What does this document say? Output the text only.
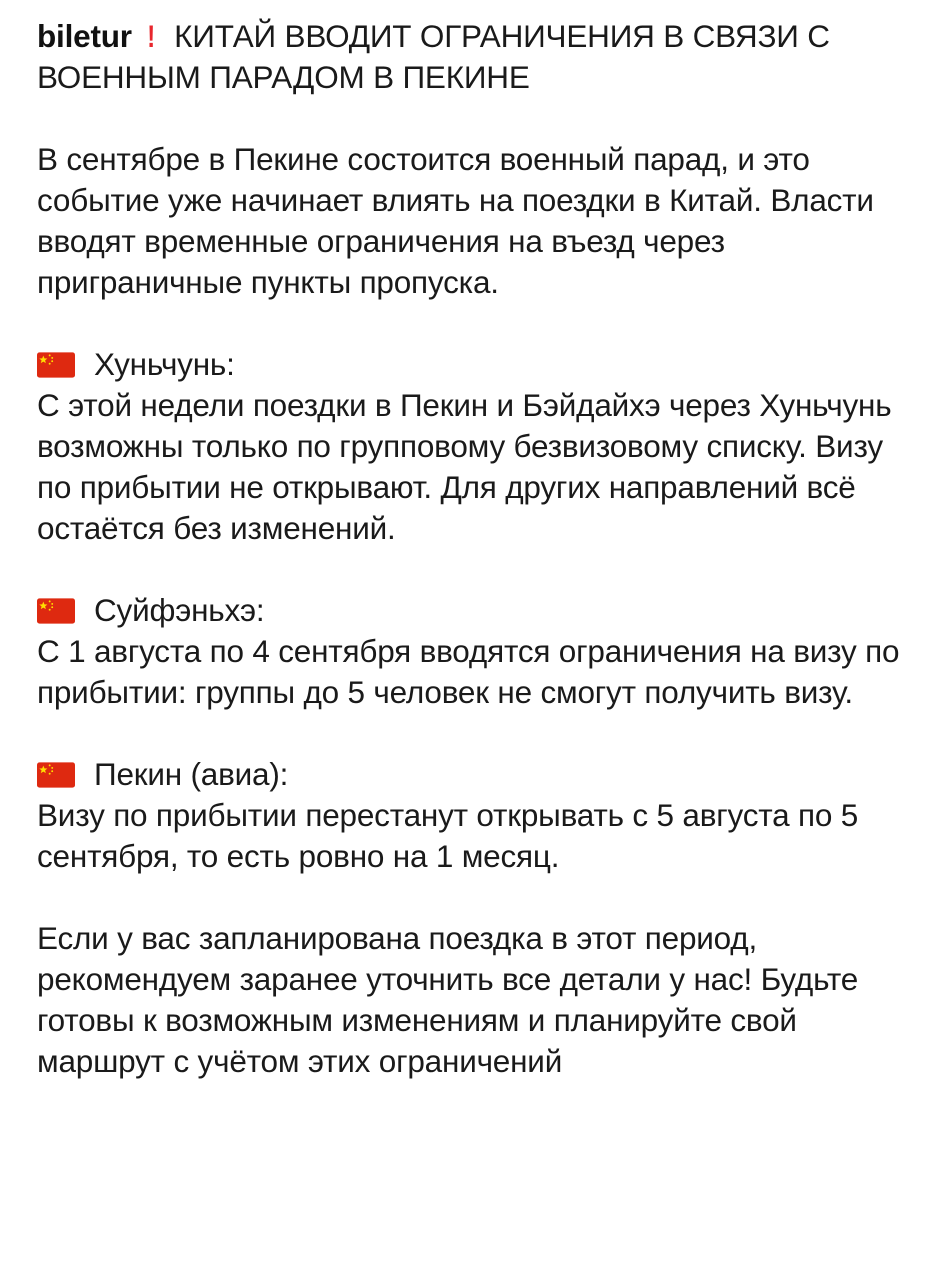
biletur ! КИТАЙ ВВОДИТ ОГРАНИЧЕНИЯ В СВЯЗИ С ВОЕННЫМ ПАРАДОМ В ПЕКИНЕ

В сентябре в Пекине состоится военный парад, и это событие уже начинает влиять на поездки в Китай. Власти вводят временные ограничения на въезд через приграничные пункты пропуска.

Хуньчунь:

С этой недели поездки в Пекин и Бэйдайхэ через Хуньчунь возможны только по групповому безвизовому списку. Визу по прибытии не открывают. Для других направлений всё остаётся без изменений.

Суйфэньхэ:

С 1 августа по 4 сентября вводятся ограничения на визу по прибытии: группы до 5 человек не смогут получить визу.

Пекин (авиа):

Визу по прибытии перестанут открывать с 5 августа по 5 сентября, то есть ровно на 1 месяц.

Если у вас запланирована поездка в этот период, рекомендуем заранее уточнить все детали у нас! Будьте готовы к возможным изменениям и планируйте свой маршрут с учётом этих ограничений
